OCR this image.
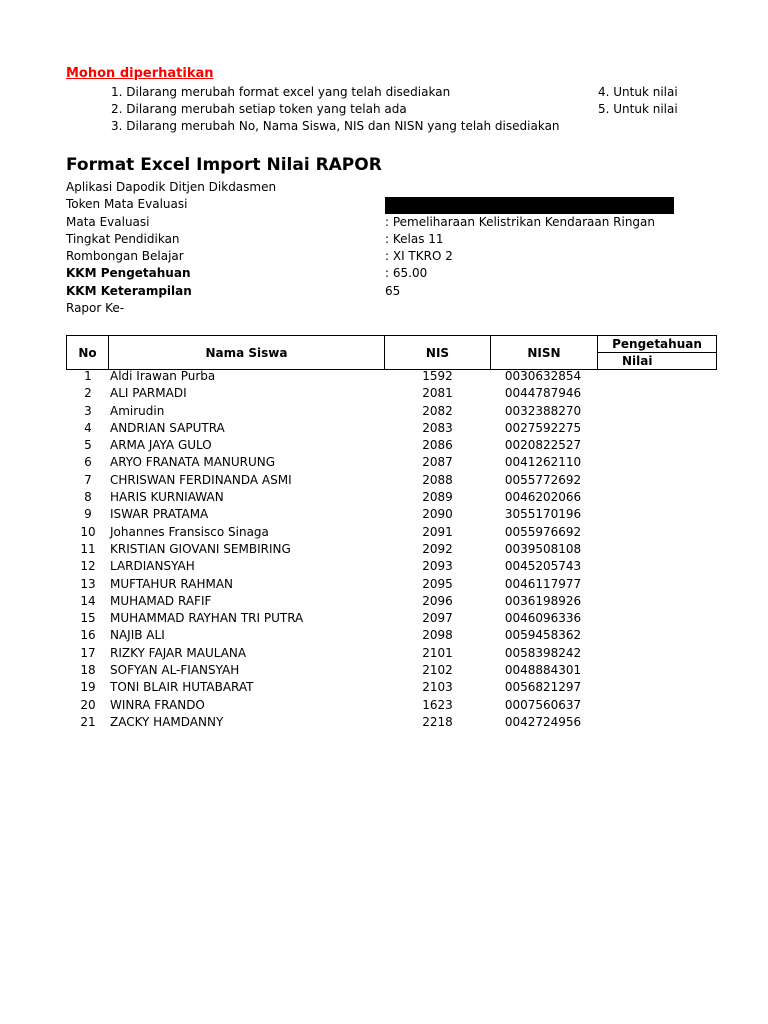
Mohon diperhatikan
1. Dilarang merubah format excel yang telah disediakan
2. Dilarang merubah setiap token yang telah ada
3. Dilarang merubah No, Nama Siswa, NIS dan NISN yang telah disediakan
4. Untuk nilai
5. Untuk nilai
Format Excel Import Nilai RAPOR
Aplikasi Dapodik Ditjen Dikdasmen
Token Mata Evaluasi
Mata Evaluasi	: Pemeliharaan Kelistrikan Kendaraan Ringan
Tingkat Pendidikan	: Kelas 11
Rombongan Belajar	: XI TKRO 2
KKM Pengetahuan	: 65.00
KKM Keterampilan	65
Rapor Ke-
No	Nama Siswa	NIS	NISN
Pengetahuan
Nilai
1	Aldi Irawan Purba	1592	0030632854
2	ALI PARMADI	2081	0044787946
3	Amirudin	2082	0032388270
4	ANDRIAN SAPUTRA	2083	0027592275
5	ARMA JAYA GULO	2086	0020822527
6	ARYO FRANATA MANURUNG	2087	0041262110
7	CHRISWAN FERDINANDA ASMI	2088	0055772692
8	HARIS KURNIAWAN	2089	0046202066
9	ISWAR PRATAMA	2090	3055170196
10	Johannes Fransisco Sinaga	2091	0055976692
11	KRISTIAN GIOVANI SEMBIRING	2092	0039508108
12	LARDIANSYAH	2093	0045205743
13	MUFTAHUR RAHMAN	2095	0046117977
14	MUHAMAD RAFIF	2096	0036198926
15	MUHAMMAD RAYHAN TRI PUTRA	2097	0046096336
16	NAJIB ALI	2098	0059458362
17	RIZKY FAJAR MAULANA	2101	0058398242
18	SOFYAN AL-FIANSYAH	2102	0048884301
19	TONI BLAIR HUTABARAT	2103	0056821297
20	WINRA FRANDO	1623	0007560637
21	ZACKY HAMDANNY	2218	0042724956
